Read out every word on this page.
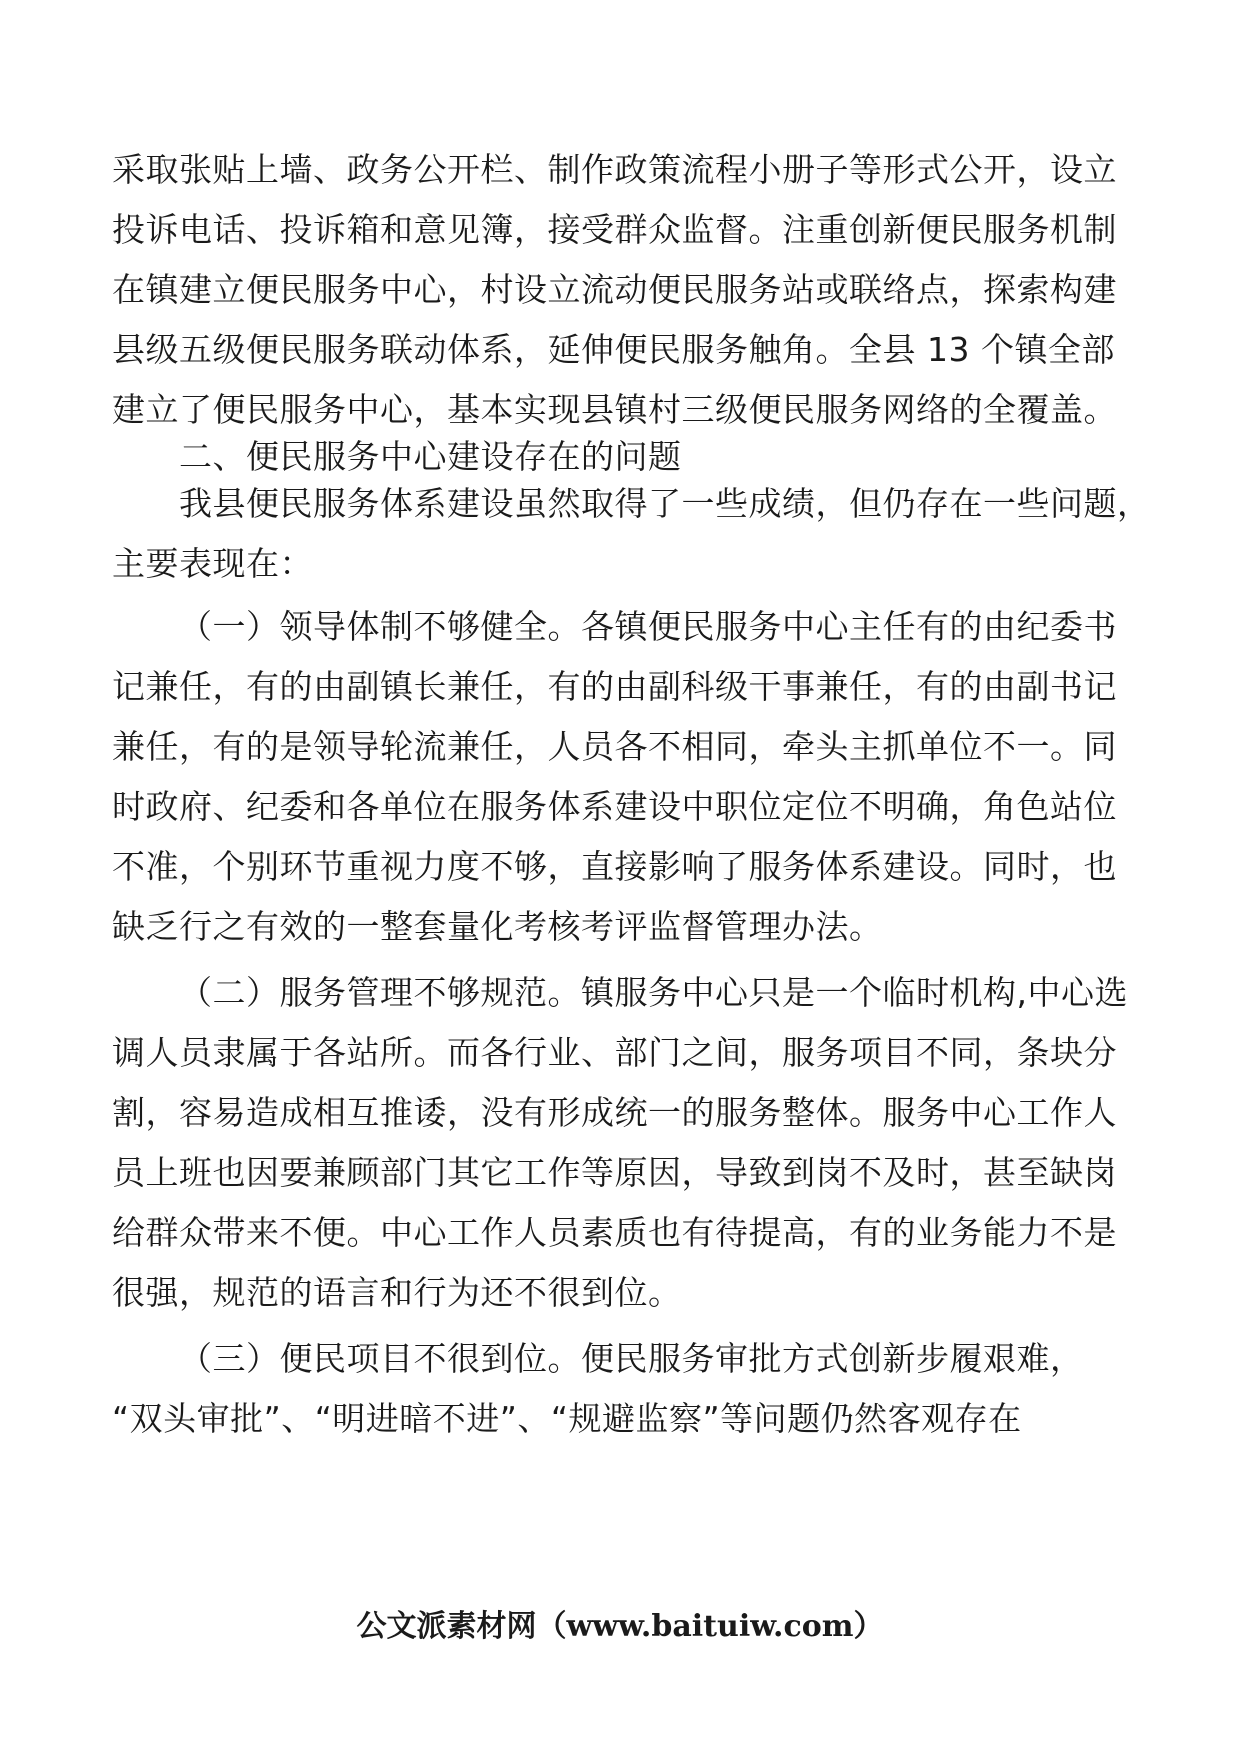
采取张贴上墙、政务公开栏、制作政策流程小册子等形式公开，设立
投诉电话、投诉箱和意见簿，接受群众监督。注重创新便民服务机制
在镇建立便民服务中心，村设立流动便民服务站或联络点，探索构建
县级五级便民服务联动体系，延伸便民服务触角。全县 13 个镇全部
建立了便民服务中心，基本实现县镇村三级便民服务网络的全覆盖。
二、便民服务中心建设存在的问题
我县便民服务体系建设虽然取得了一些成绩，但仍存在一些问题，
主要表现在：
（一）领导体制不够健全。各镇便民服务中心主任有的由纪委书
记兼任，有的由副镇长兼任，有的由副科级干事兼任，有的由副书记
兼任，有的是领导轮流兼任，人员各不相同，牵头主抓单位不一。同
时政府、纪委和各单位在服务体系建设中职位定位不明确，角色站位
不准，个别环节重视力度不够，直接影响了服务体系建设。同时，也
缺乏行之有效的一整套量化考核考评监督管理办法。
（二）服务管理不够规范。镇服务中心只是一个临时机构,中心选
调人员隶属于各站所。而各行业、部门之间，服务项目不同，条块分
割，容易造成相互推诿，没有形成统一的服务整体。服务中心工作人
员上班也因要兼顾部门其它工作等原因，导致到岗不及时，甚至缺岗
给群众带来不便。中心工作人员素质也有待提高，有的业务能力不是
很强，规范的语言和行为还不很到位。
（三）便民项目不很到位。便民服务审批方式创新步履艰难，
“双头审批”、“明进暗不进”、“规避监察”等问题仍然客观存在
公文派素材网（www.baituiw.com）
